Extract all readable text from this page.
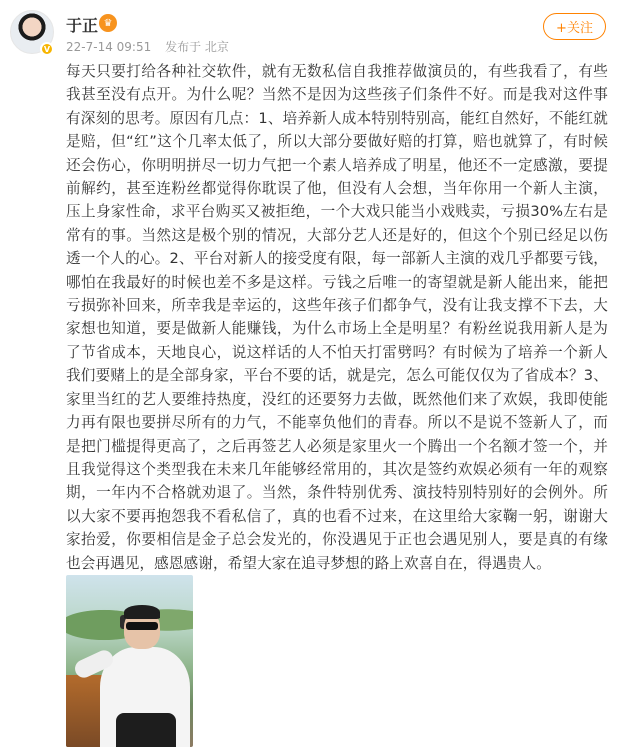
V
于正 ♛
22-7-14 09:51 发布于 北京
+关注
每天只要打给各种社交软件，就有无数私信自我推荐做演员的，有些我看了，有些我甚至没有点开。为什么呢？当然不是因为这些孩子们条件不好。而是我对这件事有深刻的思考。原因有几点：1、培养新人成本特别特别高，能红自然好，不能红就是赔，但“红”这个几率太低了，所以大部分要做好赔的打算，赔也就算了，有时候还会伤心，你明明拼尽一切力气把一个素人培养成了明星，他还不一定感激，要提前解约，甚至连粉丝都觉得你耽误了他，但没有人会想，当年你用一个新人主演，压上身家性命，求平台购买又被拒绝，一个大戏只能当小戏贱卖，亏损30%左右是常有的事。当然这是极个别的情况，大部分艺人还是好的，但这个个别已经足以伤透一个人的心。2、平台对新人的接受度有限，每一部新人主演的戏几乎都要亏钱，哪怕在我最好的时候也差不多是这样。亏钱之后唯一的寄望就是新人能出来，能把亏损弥补回来，所幸我是幸运的，这些年孩子们都争气，没有让我支撑不下去，大家想也知道，要是做新人能赚钱，为什么市场上全是明星？有粉丝说我用新人是为了节省成本，天地良心，说这样话的人不怕天打雷劈吗？有时候为了培养一个新人我们要赌上的是全部身家，平台不要的话，就是完，怎么可能仅仅为了省成本？3、家里当红的艺人要维持热度，没红的还要努力去做，既然他们来了欢娱，我即使能力再有限也要拼尽所有的力气，不能辜负他们的青春。所以不是说不签新人了，而是把门槛提得更高了，之后再签艺人必须是家里火一个腾出一个名额才签一个，并且我觉得这个类型我在未来几年能够经常用的，其次是签约欢娱必须有一年的观察期，一年内不合格就劝退了。当然，条件特别优秀、演技特别特别好的会例外。所以大家不要再抱怨我不看私信了，真的也看不过来，在这里给大家鞠一躬，谢谢大家抬爱，你要相信是金子总会发光的，你没遇见于正也会遇见别人，要是真的有缘也会再遇见，感恩感谢，希望大家在追寻梦想的路上欢喜自在，得遇贵人。
